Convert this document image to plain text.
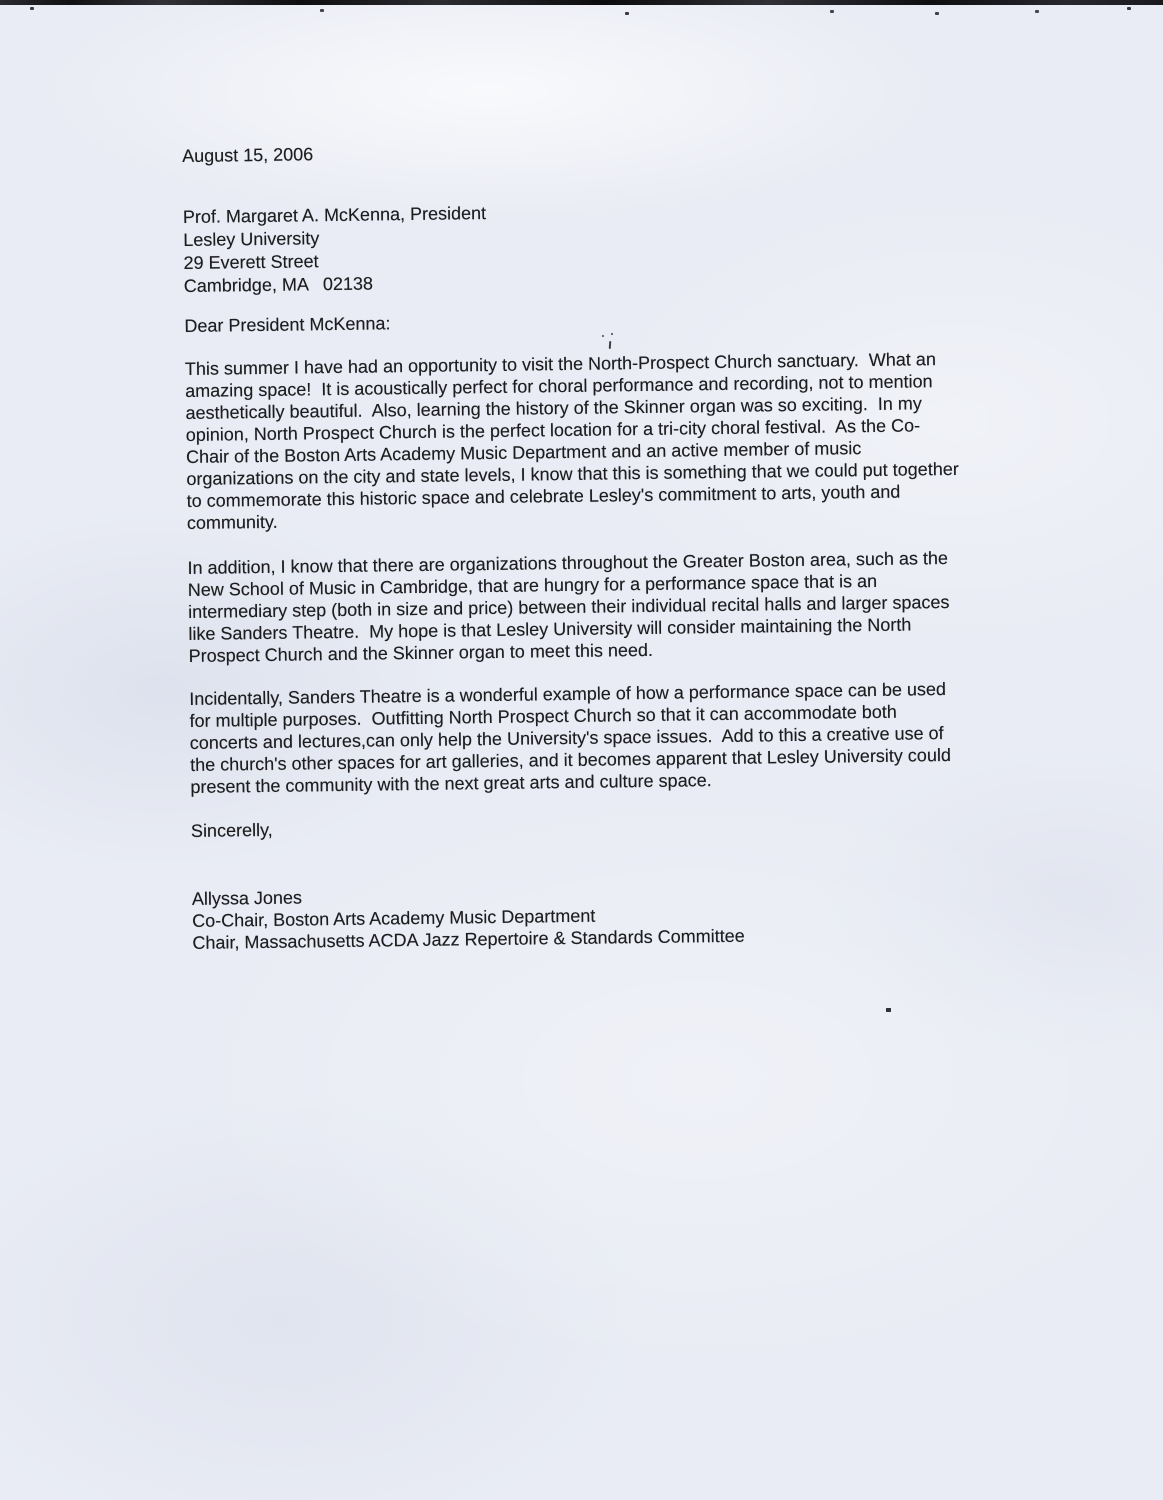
August 15, 2006
Prof. Margaret A. McKenna, President
Lesley University
29 Everett Street
Cambridge, MA   02138
Dear President McKenna:

This summer I have had an opportunity to visit the North-Prospect Church sanctuary.  What an
amazing space!  It is acoustically perfect for choral performance and recording, not to mention
aesthetically beautiful.  Also, learning the history of the Skinner organ was so exciting.  In my
opinion, North Prospect Church is the perfect location for a tri-city choral festival.  As the Co-
Chair of the Boston Arts Academy Music Department and an active member of music
organizations on the city and state levels, I know that this is something that we could put together
to commemorate this historic space and celebrate Lesley's commitment to arts, youth and
community.

In addition, I know that there are organizations throughout the Greater Boston area, such as the
New School of Music in Cambridge, that are hungry for a performance space that is an
intermediary step (both in size and price) between their individual recital halls and larger spaces
like Sanders Theatre.  My hope is that Lesley University will consider maintaining the North
Prospect Church and the Skinner organ to meet this need.

Incidentally, Sanders Theatre is a wonderful example of how a performance space can be used
for multiple purposes.  Outfitting North Prospect Church so that it can accommodate both
concerts and lectures,can only help the University's space issues.  Add to this a creative use of
the church's other spaces for art galleries, and it becomes apparent that Lesley University could
present the community with the next great arts and culture space.

Sincerelly,
Allyssa Jones
Co-Chair, Boston Arts Academy Music Department
Chair, Massachusetts ACDA Jazz Repertoire & Standards Committee
